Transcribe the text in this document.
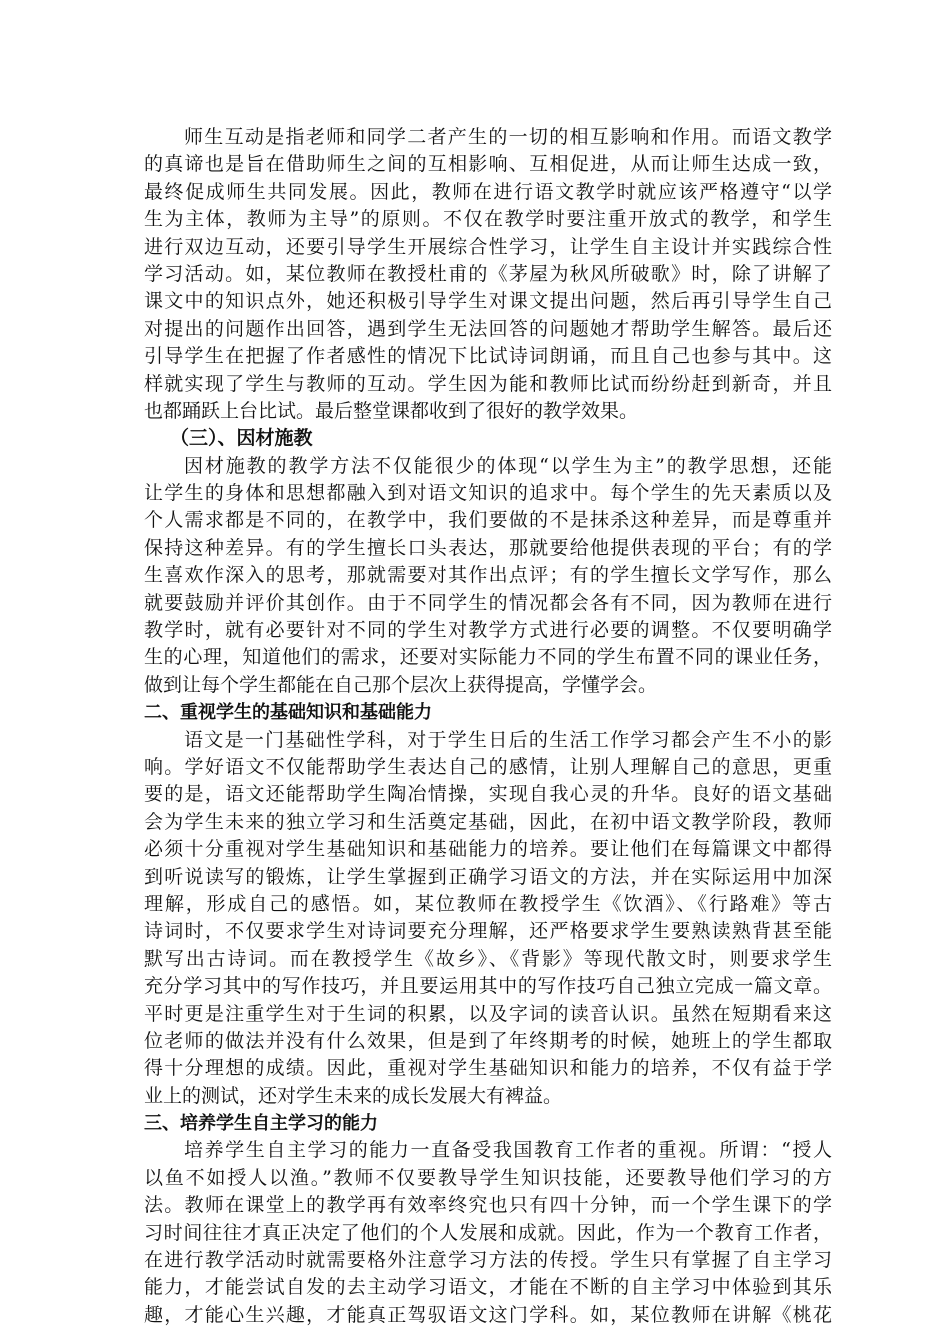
师生互动是指老师和同学二者产生的一切的相互影响和作用。而语文教学
的真谛也是旨在借助师生之间的互相影响、互相促进，从而让师生达成一致，
最终促成师生共同发展。因此，教师在进行语文教学时就应该严格遵守“以学
生为主体，教师为主导”的原则。不仅在教学时要注重开放式的教学，和学生
进行双边互动，还要引导学生开展综合性学习，让学生自主设计并实践综合性
学习活动。如，某位教师在教授杜甫的《茅屋为秋风所破歌》时，除了讲解了
课文中的知识点外，她还积极引导学生对课文提出问题，然后再引导学生自己
对提出的问题作出回答，遇到学生无法回答的问题她才帮助学生解答。最后还
引导学生在把握了作者感性的情况下比试诗词朗诵，而且自己也参与其中。这
样就实现了学生与教师的互动。学生因为能和教师比试而纷纷赶到新奇，并且
也都踊跃上台比试。最后整堂课都收到了很好的教学效果。
（三）、因材施教
因材施教的教学方法不仅能很少的体现“以学生为主”的教学思想，还能
让学生的身体和思想都融入到对语文知识的追求中。每个学生的先天素质以及
个人需求都是不同的，在教学中，我们要做的不是抹杀这种差异，而是尊重并
保持这种差异。有的学生擅长口头表达，那就要给他提供表现的平台；有的学
生喜欢作深入的思考，那就需要对其作出点评；有的学生擅长文学写作，那么
就要鼓励并评价其创作。由于不同学生的情况都会各有不同，因为教师在进行
教学时，就有必要针对不同的学生对教学方式进行必要的调整。不仅要明确学
生的心理，知道他们的需求，还要对实际能力不同的学生布置不同的课业任务，
做到让每个学生都能在自己那个层次上获得提高，学懂学会。
二、重视学生的基础知识和基础能力
语文是一门基础性学科，对于学生日后的生活工作学习都会产生不小的影
响。学好语文不仅能帮助学生表达自己的感情，让别人理解自己的意思，更重
要的是，语文还能帮助学生陶冶情操，实现自我心灵的升华。良好的语文基础
会为学生未来的独立学习和生活奠定基础，因此，在初中语文教学阶段，教师
必须十分重视对学生基础知识和基础能力的培养。要让他们在每篇课文中都得
到听说读写的锻炼，让学生掌握到正确学习语文的方法，并在实际运用中加深
理解，形成自己的感悟。如，某位教师在教授学生《饮酒》、《行路难》等古
诗词时，不仅要求学生对诗词要充分理解，还严格要求学生要熟读熟背甚至能
默写出古诗词。而在教授学生《故乡》、《背影》等现代散文时，则要求学生
充分学习其中的写作技巧，并且要运用其中的写作技巧自己独立完成一篇文章。
平时更是注重学生对于生词的积累，以及字词的读音认识。虽然在短期看来这
位老师的做法并没有什么效果，但是到了年终期考的时候，她班上的学生都取
得十分理想的成绩。因此，重视对学生基础知识和能力的培养，不仅有益于学
业上的测试，还对学生未来的成长发展大有裨益。
三、培养学生自主学习的能力
培养学生自主学习的能力一直备受我国教育工作者的重视。所谓：“授人
以鱼不如授人以渔。”教师不仅要教导学生知识技能，还要教导他们学习的方
法。教师在课堂上的教学再有效率终究也只有四十分钟，而一个学生课下的学
习时间往往才真正决定了他们的个人发展和成就。因此，作为一个教育工作者，
在进行教学活动时就需要格外注意学习方法的传授。学生只有掌握了自主学习
能力，才能尝试自发的去主动学习语文，才能在不断的自主学习中体验到其乐
趣，才能心生兴趣，才能真正驾驭语文这门学科。如，某位教师在讲解《桃花
